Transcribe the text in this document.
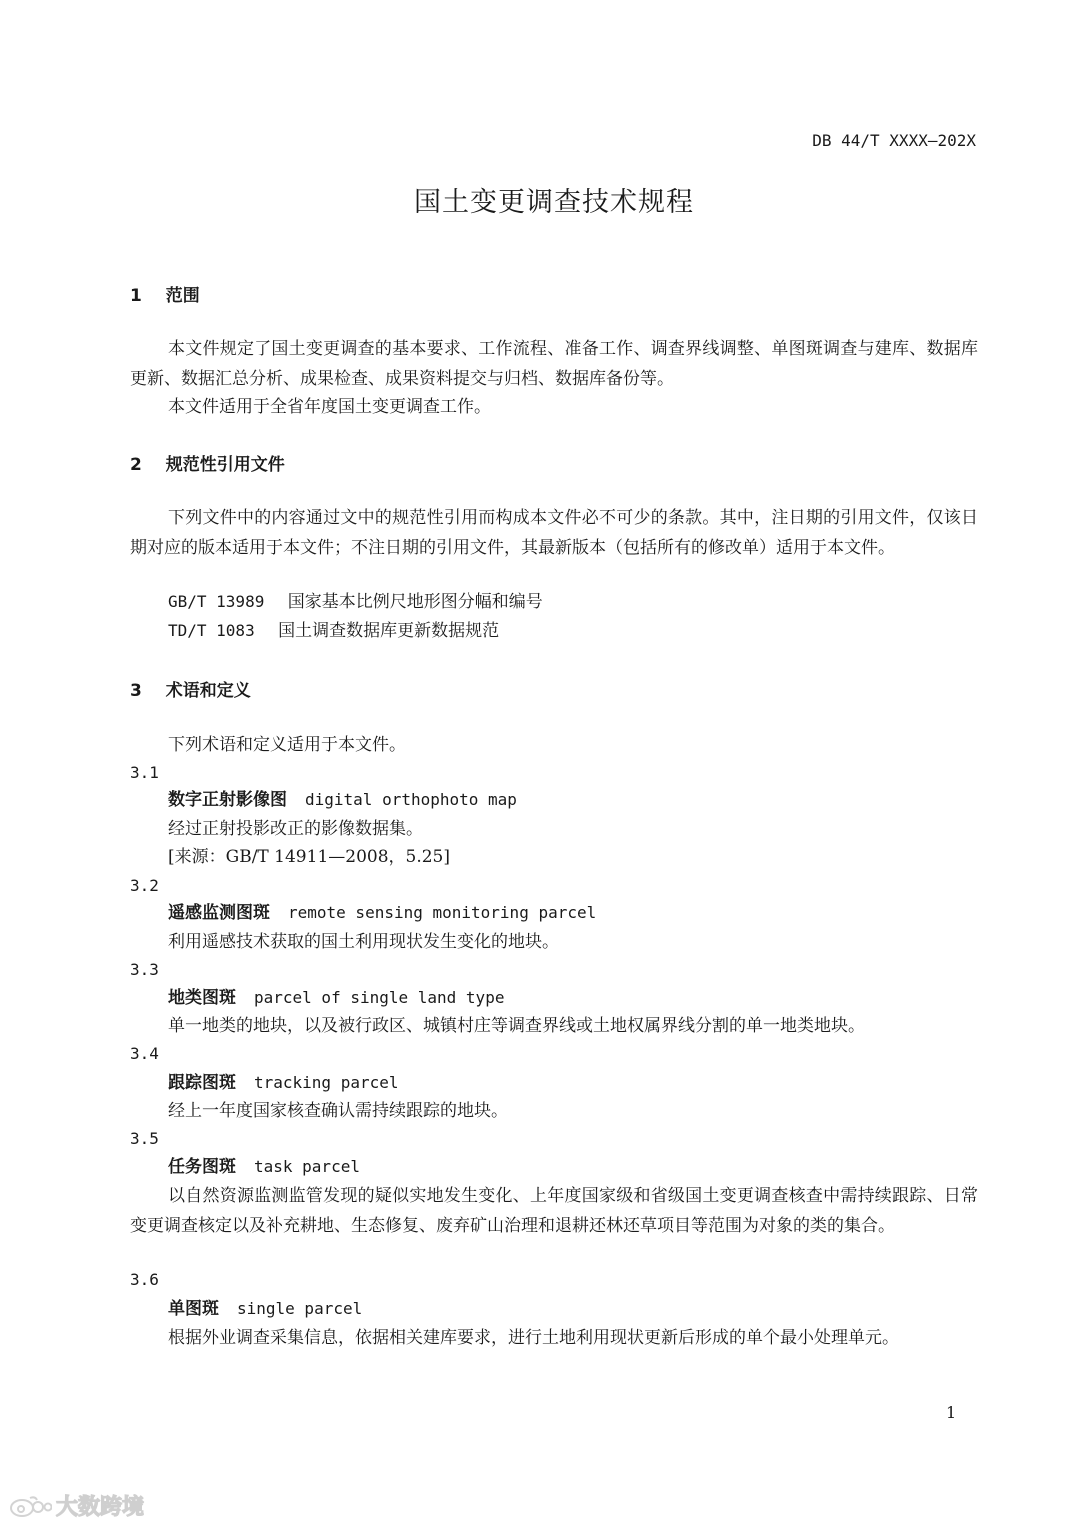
DB 44/T XXXX—202X
国土变更调查技术规程
1 范围
本文件规定了国土变更调查的基本要求、工作流程、准备工作、调查界线调整、单图斑调查与建库、数据库更新、数据汇总分析、成果检查、成果资料提交与归档、数据库备份等。
本文件适用于全省年度国土变更调查工作。
2 规范性引用文件
下列文件中的内容通过文中的规范性引用而构成本文件必不可少的条款。其中，注日期的引用文件，仅该日期对应的版本适用于本文件；不注日期的引用文件，其最新版本（包括所有的修改单）适用于本文件。
GB/T 13989 国家基本比例尺地形图分幅和编号
TD/T 1083 国土调查数据库更新数据规范
3 术语和定义
下列术语和定义适用于本文件。
3.1
数字正射影像图 digital orthophoto map
经过正射投影改正的影像数据集。
[来源：GB/T 14911—2008，5.25]
3.2
遥感监测图斑 remote sensing monitoring parcel
利用遥感技术获取的国土利用现状发生变化的地块。
3.3
地类图斑 parcel of single land type
单一地类的地块，以及被行政区、城镇村庄等调查界线或土地权属界线分割的单一地类地块。
3.4
跟踪图斑 tracking parcel
经上一年度国家核查确认需持续跟踪的地块。
3.5
任务图斑 task parcel
以自然资源监测监管发现的疑似实地发生变化、上年度国家级和省级国土变更调查核查中需持续跟踪、日常变更调查核定以及补充耕地、生态修复、废弃矿山治理和退耕还林还草项目等范围为对象的类的集合。
3.6
单图斑 single parcel
根据外业调查采集信息，依据相关建库要求，进行土地利用现状更新后形成的单个最小处理单元。
1
大数跨境
